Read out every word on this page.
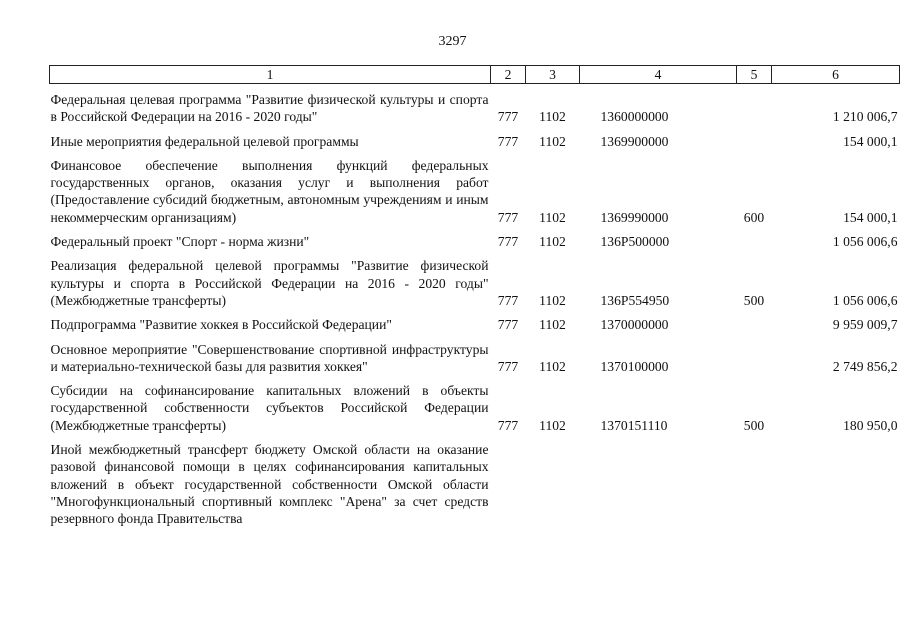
3297
1	2	3	4	5	6

Федеральная целевая программа "Развитие физической культуры и спорта в Российской Федерации на 2016 - 2020 годы"	777	1102	1360000000		1 210 006,7
Иные мероприятия федеральной целевой программы	777	1102	1369900000		154 000,1
Финансовое обеспечение выполнения функций федеральных государственных органов, оказания услуг и выполнения работ (Предоставление субсидий бюджетным, автономным учреждениям и иным некоммерческим организациям)	777	1102	1369990000	600	154 000,1
Федеральный проект "Спорт - норма жизни"	777	1102	136P500000		1 056 006,6
Реализация федеральной целевой программы "Развитие физической культуры и спорта в Российской Федерации на 2016 - 2020 годы" (Межбюджетные трансферты)	777	1102	136P554950	500	1 056 006,6
Подпрограмма "Развитие хоккея в Российской Федерации"	777	1102	1370000000		9 959 009,7
Основное мероприятие "Совершенствование спортивной инфраструктуры и материально-технической базы для развития хоккея"	777	1102	1370100000		2 749 856,2
Субсидии на софинансирование капитальных вложений в объекты государственной собственности субъектов Российской Федерации (Межбюджетные трансферты)	777	1102	1370151110	500	180 950,0
Иной межбюджетный трансферт бюджету Омской области на оказание разовой финансовой помощи в целях софинансирования капитальных вложений в объект государственной собственности Омской области "Многофункциональный спортивный комплекс "Арена" за счет средств резервного фонда Правительства					
